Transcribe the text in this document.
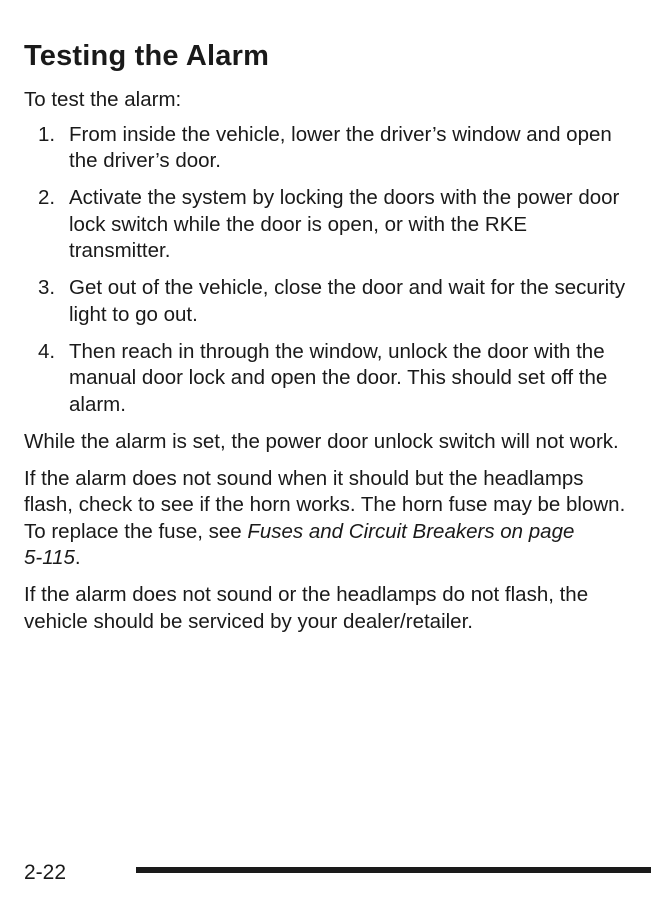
Testing the Alarm

To test the alarm:

1. From inside the vehicle, lower the driver’s window and open the driver’s door.
2. Activate the system by locking the doors with the power door lock switch while the door is open, or with the RKE transmitter.
3. Get out of the vehicle, close the door and wait for the security light to go out.
4. Then reach in through the window, unlock the door with the manual door lock and open the door. This should set off the alarm.

While the alarm is set, the power door unlock switch will not work.

If the alarm does not sound when it should but the headlamps flash, check to see if the horn works. The horn fuse may be blown. To replace the fuse, see Fuses and Circuit Breakers on page 5‑115.

If the alarm does not sound or the headlamps do not flash, the vehicle should be serviced by your dealer/retailer.

2-22
